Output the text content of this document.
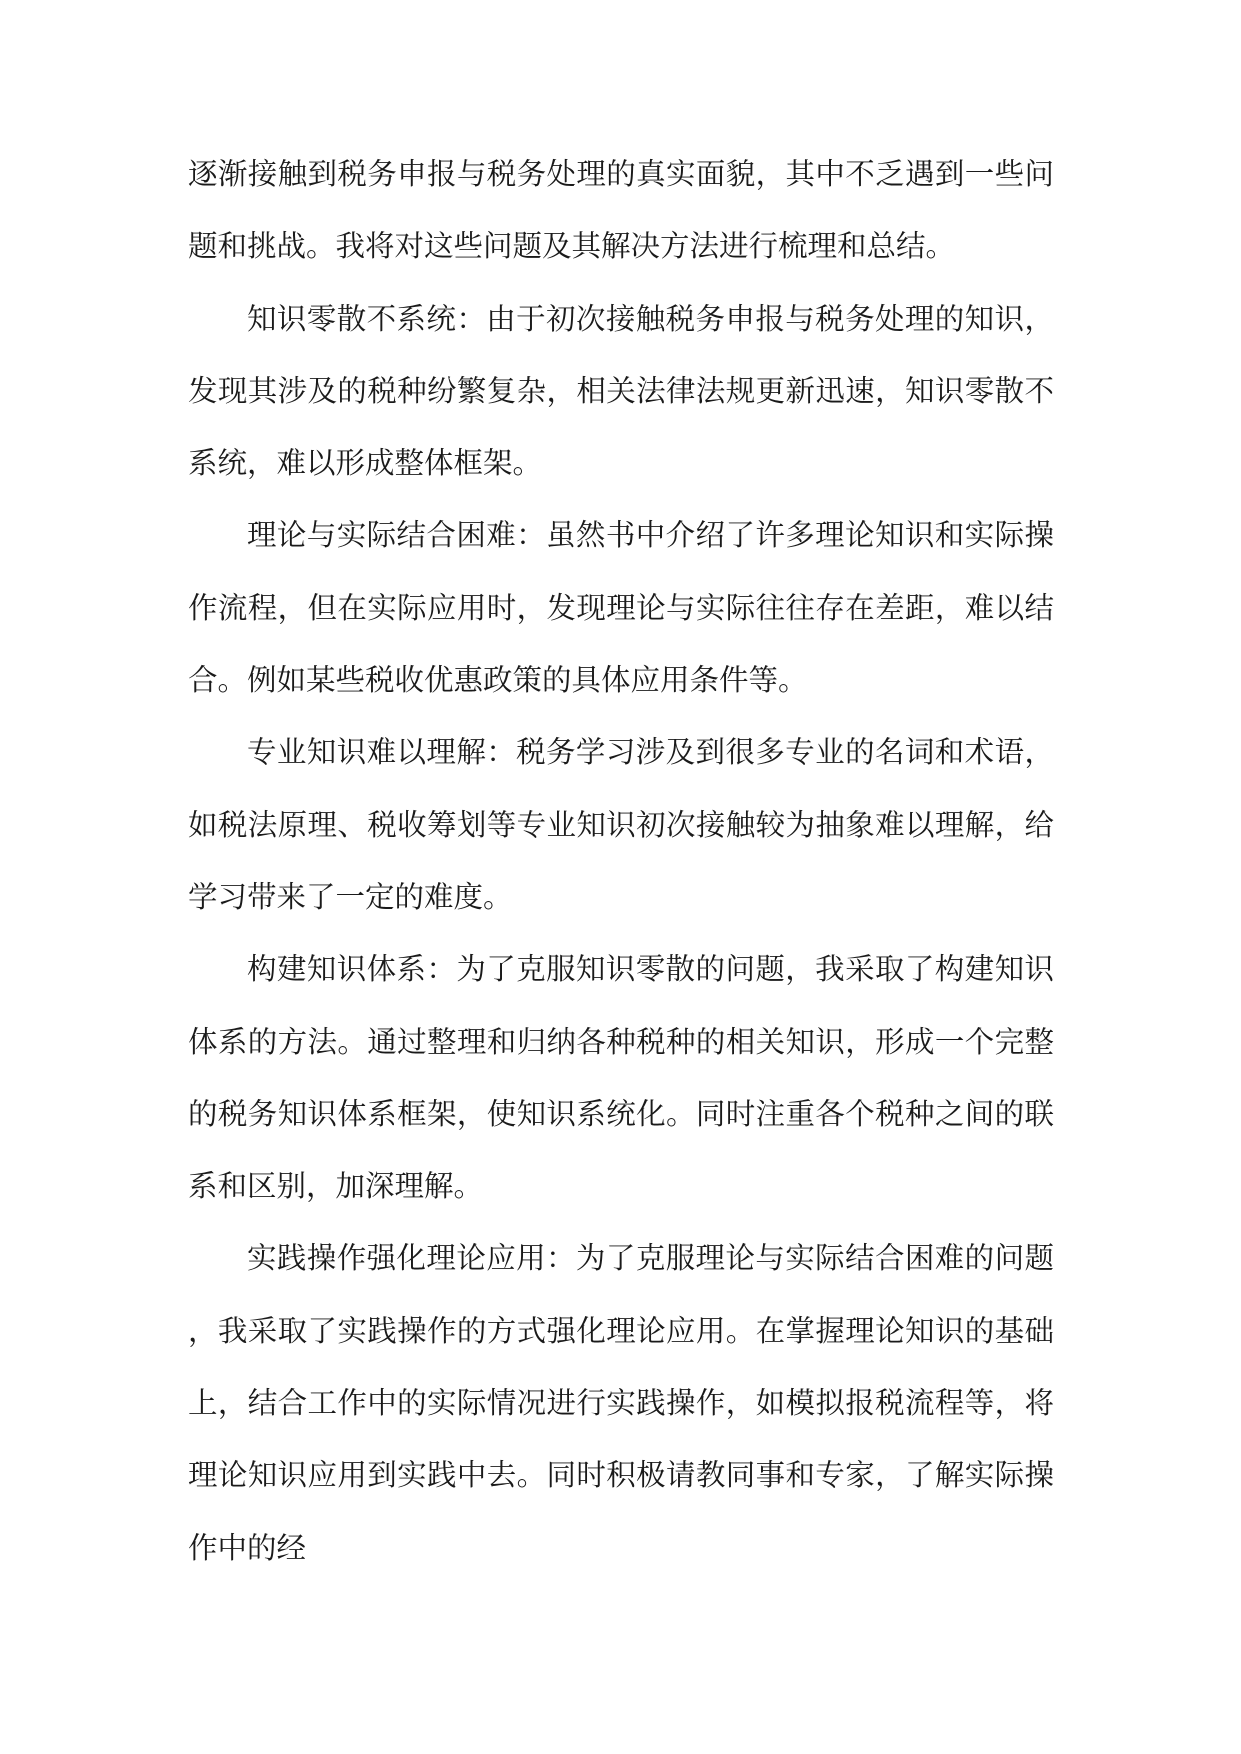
逐渐接触到税务申报与税务处理的真实面貌，其中不乏遇到一些问题和挑战。我将对这些问题及其解决方法进行梳理和总结。

知识零散不系统：由于初次接触税务申报与税务处理的知识，发现其涉及的税种纷繁复杂，相关法律法规更新迅速，知识零散不系统，难以形成整体框架。

理论与实际结合困难：虽然书中介绍了许多理论知识和实际操作流程，但在实际应用时，发现理论与实际往往存在差距，难以结合。例如某些税收优惠政策的具体应用条件等。

专业知识难以理解：税务学习涉及到很多专业的名词和术语，如税法原理、税收筹划等专业知识初次接触较为抽象难以理解，给学习带来了一定的难度。

构建知识体系：为了克服知识零散的问题，我采取了构建知识体系的方法。通过整理和归纳各种税种的相关知识，形成一个完整的税务知识体系框架，使知识系统化。同时注重各个税种之间的联系和区别，加深理解。

实践操作强化理论应用：为了克服理论与实际结合困难的问题，我采取了实践操作的方式强化理论应用。在掌握理论知识的基础上，结合工作中的实际情况进行实践操作，如模拟报税流程等，将理论知识应用到实践中去。同时积极请教同事和专家，了解实际操作中的经
